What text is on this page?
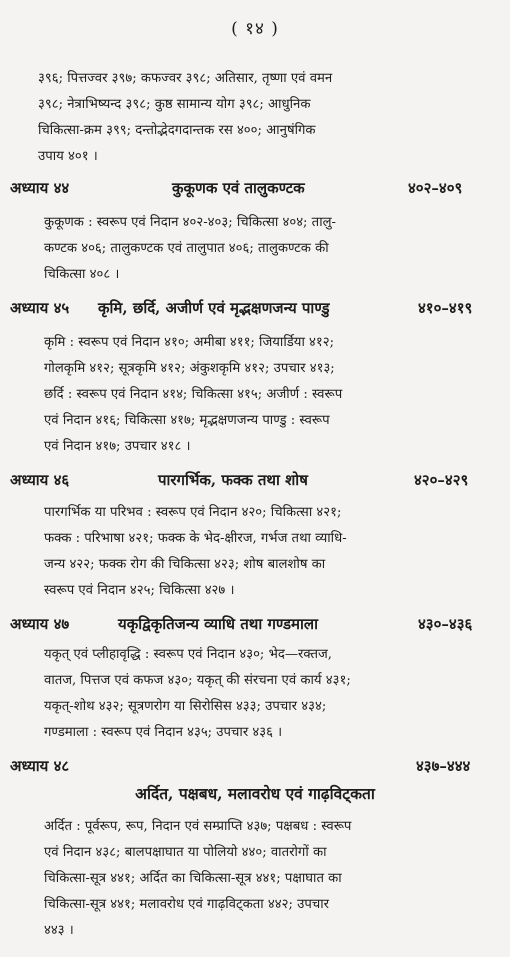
( १४ )

३९६; पित्तज्वर ३९७; कफज्वर ३९८; अतिसार, तृष्णा एवं वमन
३९८; नेत्राभिष्यन्द ३९८; कुष्ठ सामान्य योग ३९८; आधुनिक
चिकित्सा-क्रम ३९९; दन्तोद्भेदगदान्तक रस ४००; आनुषंगिक
उपाय ४०१ ।

अध्याय ४४	कुकूणक एवं तालुकण्टक	४०२–४०९

कुकूणक : स्वरूप एवं निदान ४०२-४०३; चिकित्सा ४०४; तालु-
कण्टक ४०६; तालुकण्टक एवं तालुपात ४०६; तालुकण्टक की
चिकित्सा ४०८ ।

अध्याय ४५ कृमि, छर्दि, अजीर्ण एवं मृद्भक्षणजन्य पाण्डु	४१०–४१९

कृमि : स्वरूप एवं निदान ४१०; अमीबा ४११; जियार्डिया ४१२;
गोलकृमि ४१२; सूत्रकृमि ४१२; अंकुशकृमि ४१२; उपचार ४१३;
छर्दि : स्वरूप एवं निदान ४१४; चिकित्सा ४१५; अजीर्ण : स्वरूप
एवं निदान ४१६; चिकित्सा ४१७; मृद्भक्षणजन्य पाण्डु : स्वरूप
एवं निदान ४१७; उपचार ४१८ ।

अध्याय ४६	पारगर्भिक, फक्क तथा शोष	४२०–४२९

पारगर्भिक या परिभव : स्वरूप एवं निदान ४२०; चिकित्सा ४२१;
फक्क : परिभाषा ४२१; फक्क के भेद-क्षीरज, गर्भज तथा व्याधि-
जन्य ४२२; फक्क रोग की चिकित्सा ४२३; शोष बालशोष का
स्वरूप एवं निदान ४२५; चिकित्सा ४२७ ।

अध्याय ४७	यकृद्विकृतिजन्य व्याधि तथा गण्डमाला	४३०–४३६

यकृत् एवं प्लीहावृद्धि : स्वरूप एवं निदान ४३०; भेद—रक्तज,
वातज, पित्तज एवं कफज ४३०; यकृत् की संरचना एवं कार्य ४३१;
यकृत्-शोथ ४३२; सूत्रणरोग या सिरोसिस ४३३; उपचार ४३४;
गण्डमाला : स्वरूप एवं निदान ४३५; उपचार ४३६ ।

अध्याय ४८	४३७–४४४
अर्दित, पक्षबध, मलावरोध एवं गाढ़विट्कता

अर्दित : पूर्वरूप, रूप, निदान एवं सम्प्राप्ति ४३७; पक्षबध : स्वरूप
एवं निदान ४३८; बालपक्षाघात या पोलियो ४४०; वातरोगों का
चिकित्सा-सूत्र ४४१; अर्दित का चिकित्सा-सूत्र ४४१; पक्षाघात का
चिकित्सा-सूत्र ४४१; मलावरोध एवं गाढ़विट्कता ४४२; उपचार
४४३ ।
